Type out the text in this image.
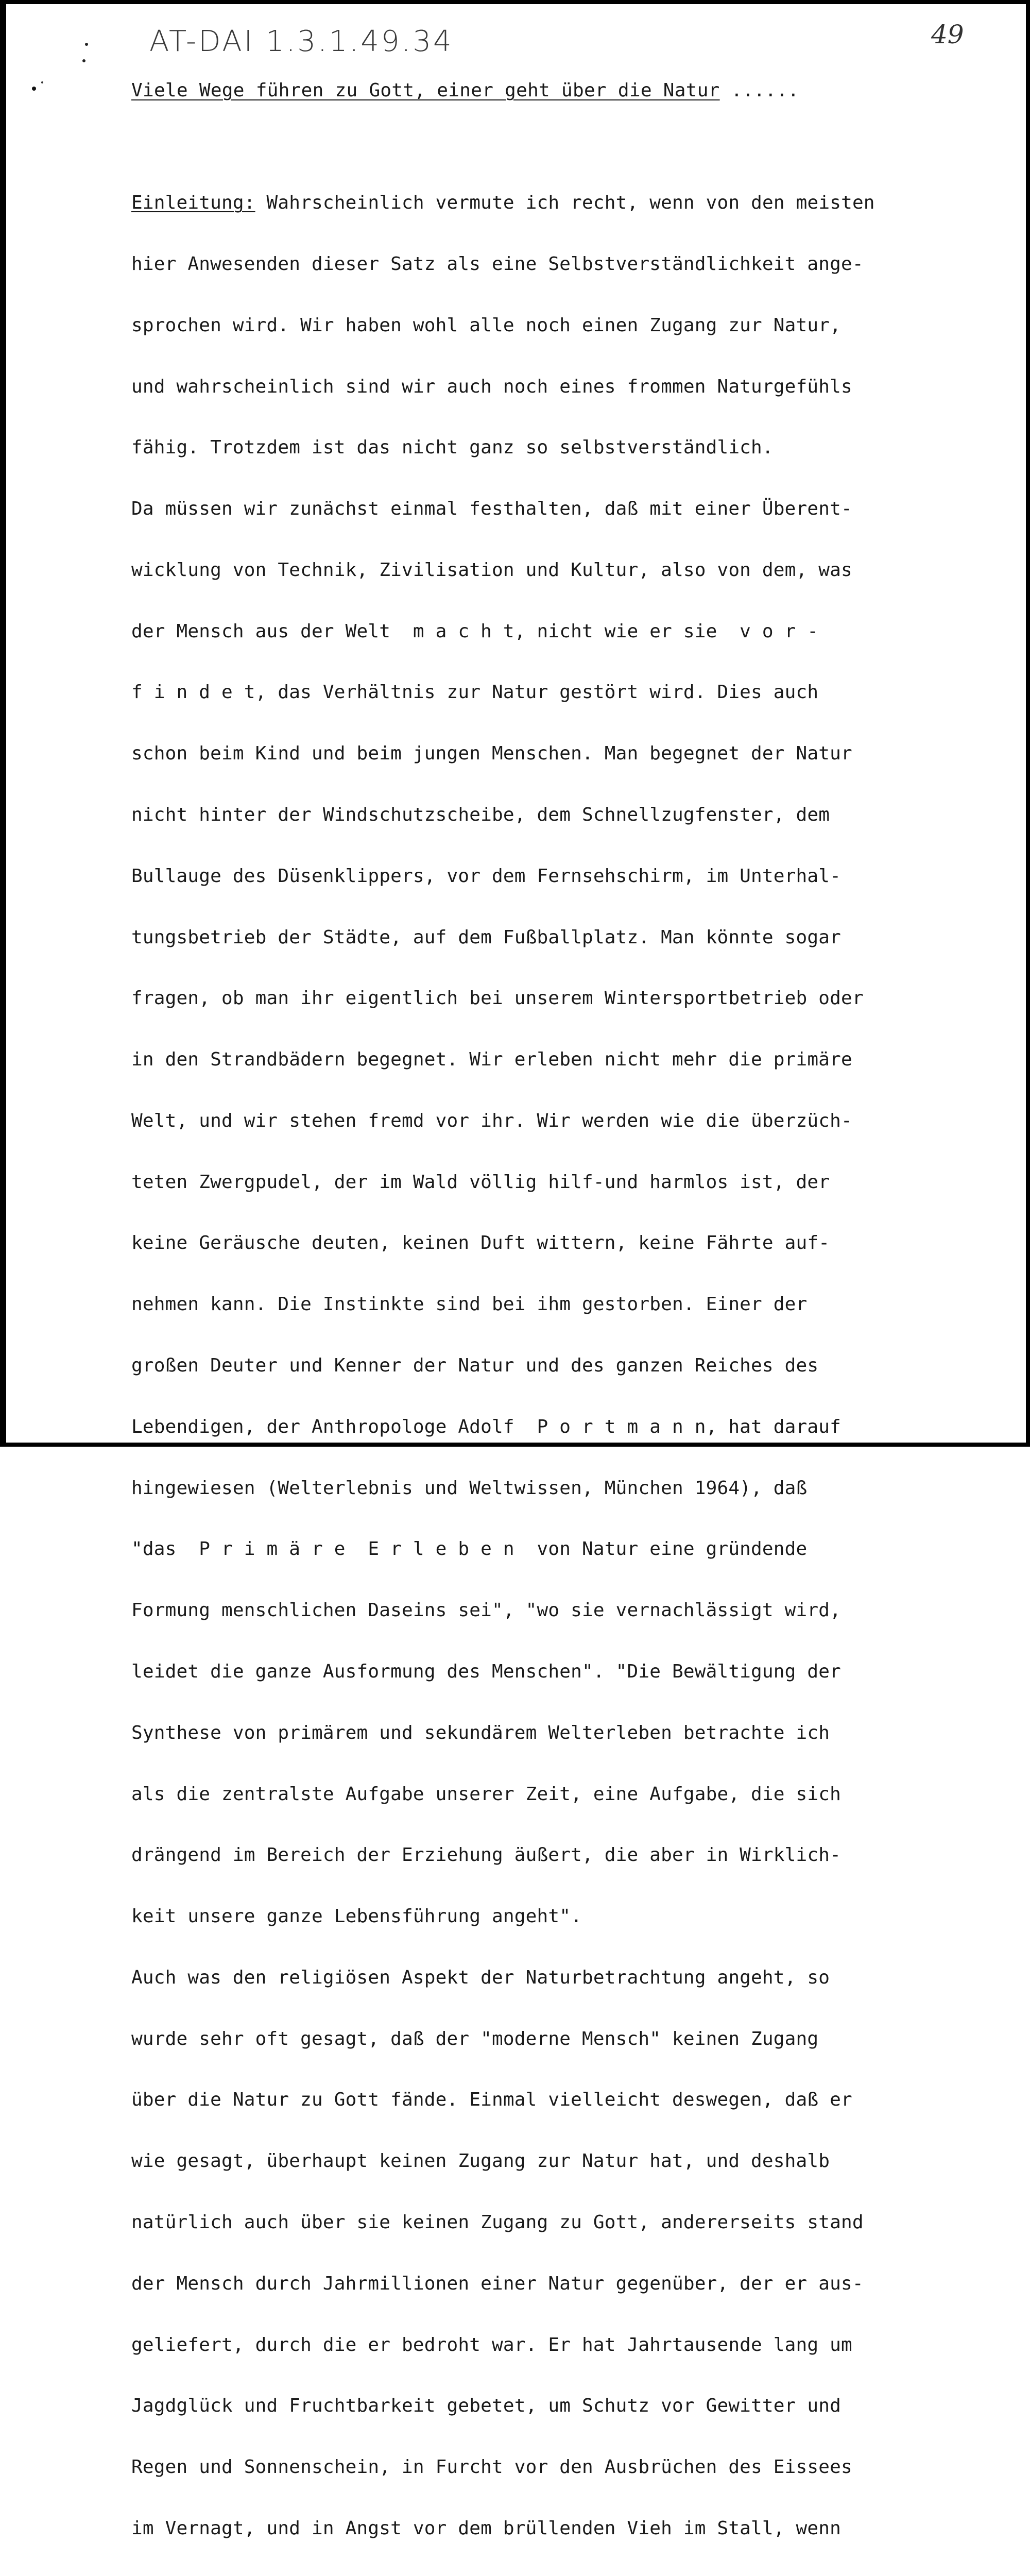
AT-DAI 1.3.1.49.34	49
Viele Wege führen zu Gott, einer geht über die Natur ......

Einleitung: Wahrscheinlich vermute ich recht, wenn von den meisten

hier Anwesenden dieser Satz als eine Selbstverständlichkeit ange-

sprochen wird. Wir haben wohl alle noch einen Zugang zur Natur,

und wahrscheinlich sind wir auch noch eines frommen Naturgefühls

fähig. Trotzdem ist das nicht ganz so selbstverständlich.

Da müssen wir zunächst einmal festhalten, daß mit einer Überent-

wicklung von Technik, Zivilisation und Kultur, also von dem, was

der Mensch aus der Welt  m a c h t, nicht wie er sie  v o r -

f i n d e t, das Verhältnis zur Natur gestört wird. Dies auch

schon beim Kind und beim jungen Menschen. Man begegnet der Natur

nicht hinter der Windschutzscheibe, dem Schnellzugfenster, dem

Bullauge des Düsenklippers, vor dem Fernsehschirm, im Unterhal-

tungsbetrieb der Städte, auf dem Fußballplatz. Man könnte sogar

fragen, ob man ihr eigentlich bei unserem Wintersportbetrieb oder

in den Strandbädern begegnet. Wir erleben nicht mehr die primäre

Welt, und wir stehen fremd vor ihr. Wir werden wie die überzüch-

teten Zwergpudel, der im Wald völlig hilf-und harmlos ist, der

keine Geräusche deuten, keinen Duft wittern, keine Fährte auf-

nehmen kann. Die Instinkte sind bei ihm gestorben. Einer der

großen Deuter und Kenner der Natur und des ganzen Reiches des

Lebendigen, der Anthropologe Adolf  P o r t m a n n, hat darauf

hingewiesen (Welterlebnis und Weltwissen, München 1964), daß

"das  P r i m ä r e  E r l e b e n  von Natur eine gründende

Formung menschlichen Daseins sei", "wo sie vernachlässigt wird,

leidet die ganze Ausformung des Menschen". "Die Bewältigung der

Synthese von primärem und sekundärem Welterleben betrachte ich

als die zentralste Aufgabe unserer Zeit, eine Aufgabe, die sich

drängend im Bereich der Erziehung äußert, die aber in Wirklich-

keit unsere ganze Lebensführung angeht".

Auch was den religiösen Aspekt der Naturbetrachtung angeht, so

wurde sehr oft gesagt, daß der "moderne Mensch" keinen Zugang

über die Natur zu Gott fände. Einmal vielleicht deswegen, daß er

wie gesagt, überhaupt keinen Zugang zur Natur hat, und deshalb

natürlich auch über sie keinen Zugang zu Gott, andererseits stand

der Mensch durch Jahrmillionen einer Natur gegenüber, der er aus-

geliefert, durch die er bedroht war. Er hat Jahrtausende lang um

Jagdglück und Fruchtbarkeit gebetet, um Schutz vor Gewitter und

Regen und Sonnenschein, in Furcht vor den Ausbrüchen des Eissees

im Vernagt, und in Angst vor dem brüllenden Vieh im Stall, wenn
